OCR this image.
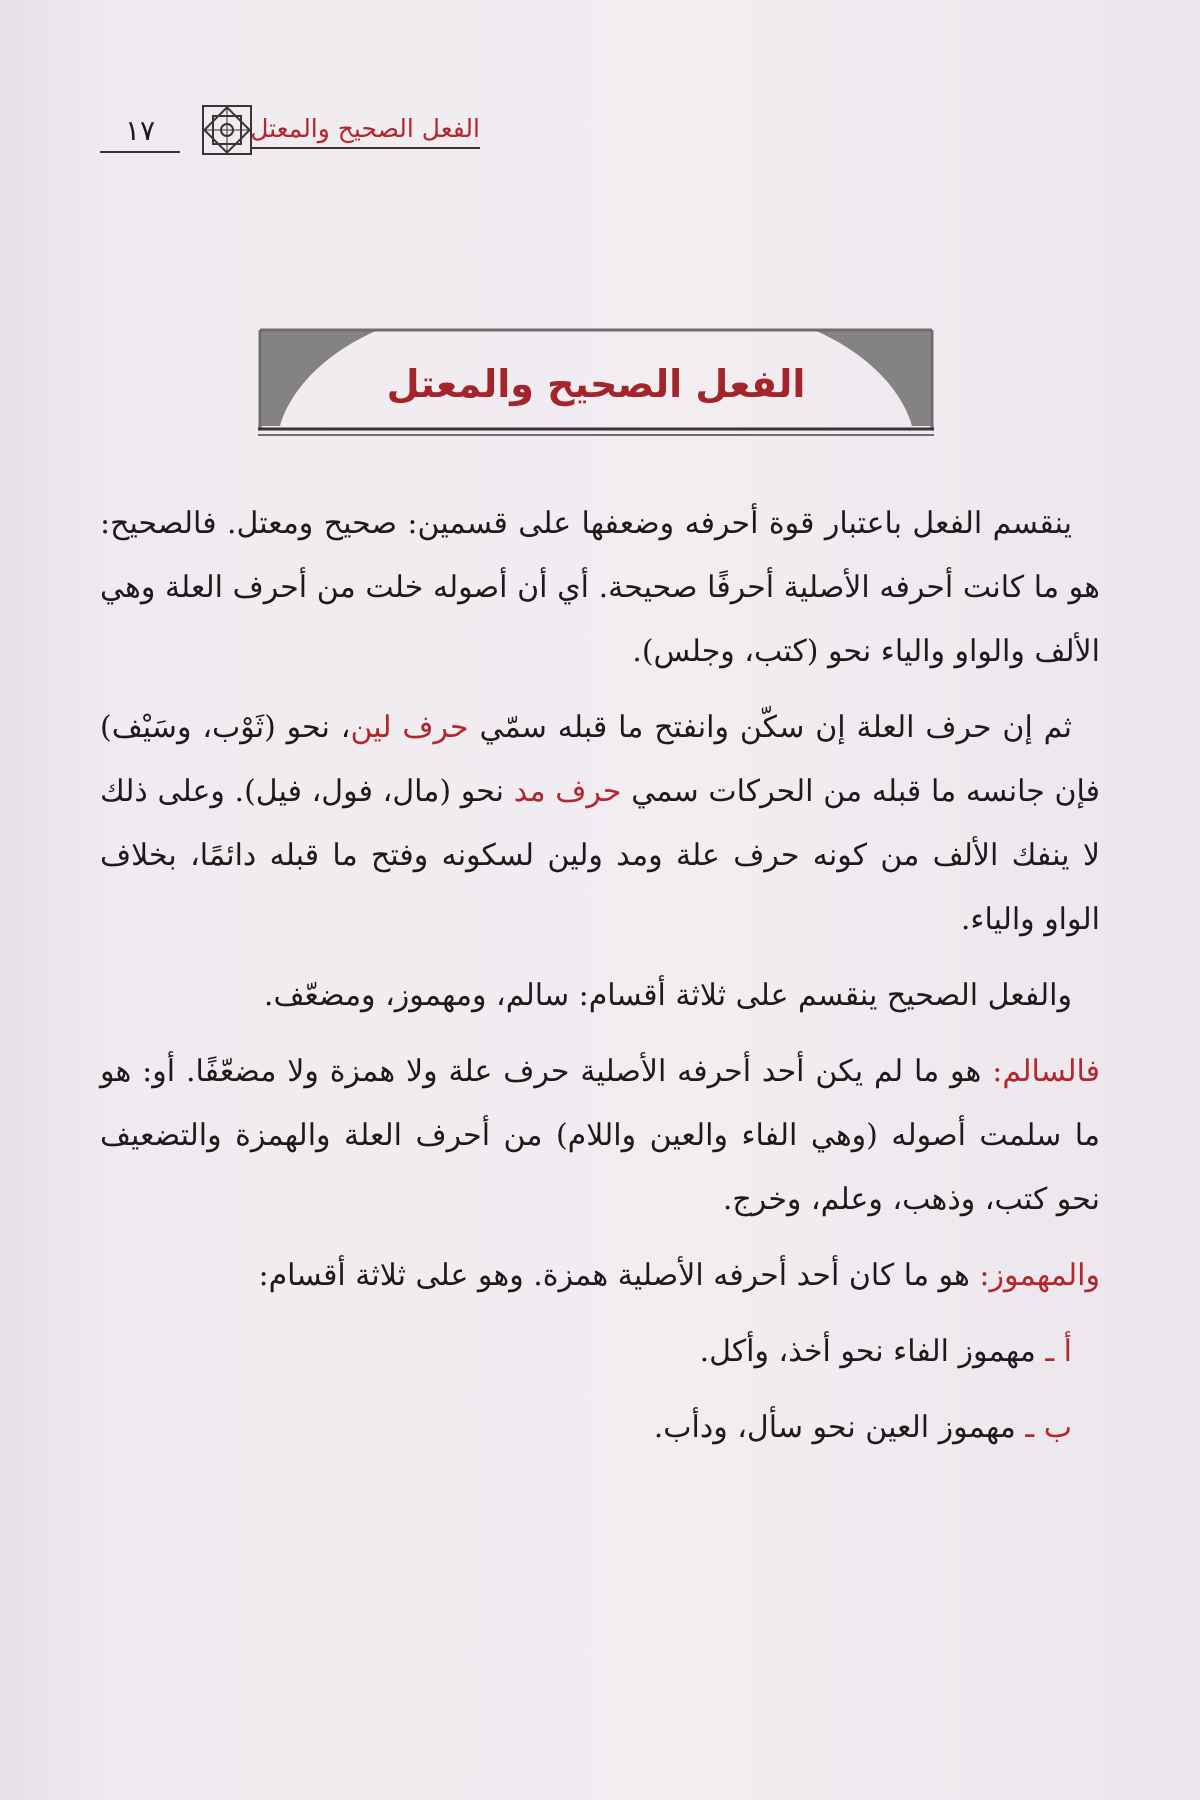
الفعل الصحيح والمعتل
١٧
الفعل الصحيح والمعتل

ينقسم الفعل باعتبار قوة أحرفه وضعفها على قسمين: صحيح ومعتل. فالصحيح: هو ما كانت أحرفه الأصلية أحرفًا صحيحة. أي أن أصوله خلت من أحرف العلة وهي الألف والواو والياء نحو (كتب، وجلس).

ثم إن حرف العلة إن سكّن وانفتح ما قبله سمّي حرف لين، نحو (ثَوْب، وسَيْف) فإن جانسه ما قبله من الحركات سمي حرف مد نحو (مال، فول، فيل). وعلى ذلك لا ينفك الألف من كونه حرف علة ومد ولين لسكونه وفتح ما قبله دائمًا، بخلاف الواو والياء.

والفعل الصحيح ينقسم على ثلاثة أقسام: سالم، ومهموز، ومضعّف.

فالسالم: هو ما لم يكن أحد أحرفه الأصلية حرف علة ولا همزة ولا مضعّفًا. أو: هو ما سلمت أصوله (وهي الفاء والعين واللام) من أحرف العلة والهمزة والتضعيف نحو كتب، وذهب، وعلم، وخرج.

والمهموز: هو ما كان أحد أحرفه الأصلية همزة. وهو على ثلاثة أقسام:

أ ـ مهموز الفاء نحو أخذ، وأكل.

ب ـ مهموز العين نحو سأل، ودأب.
